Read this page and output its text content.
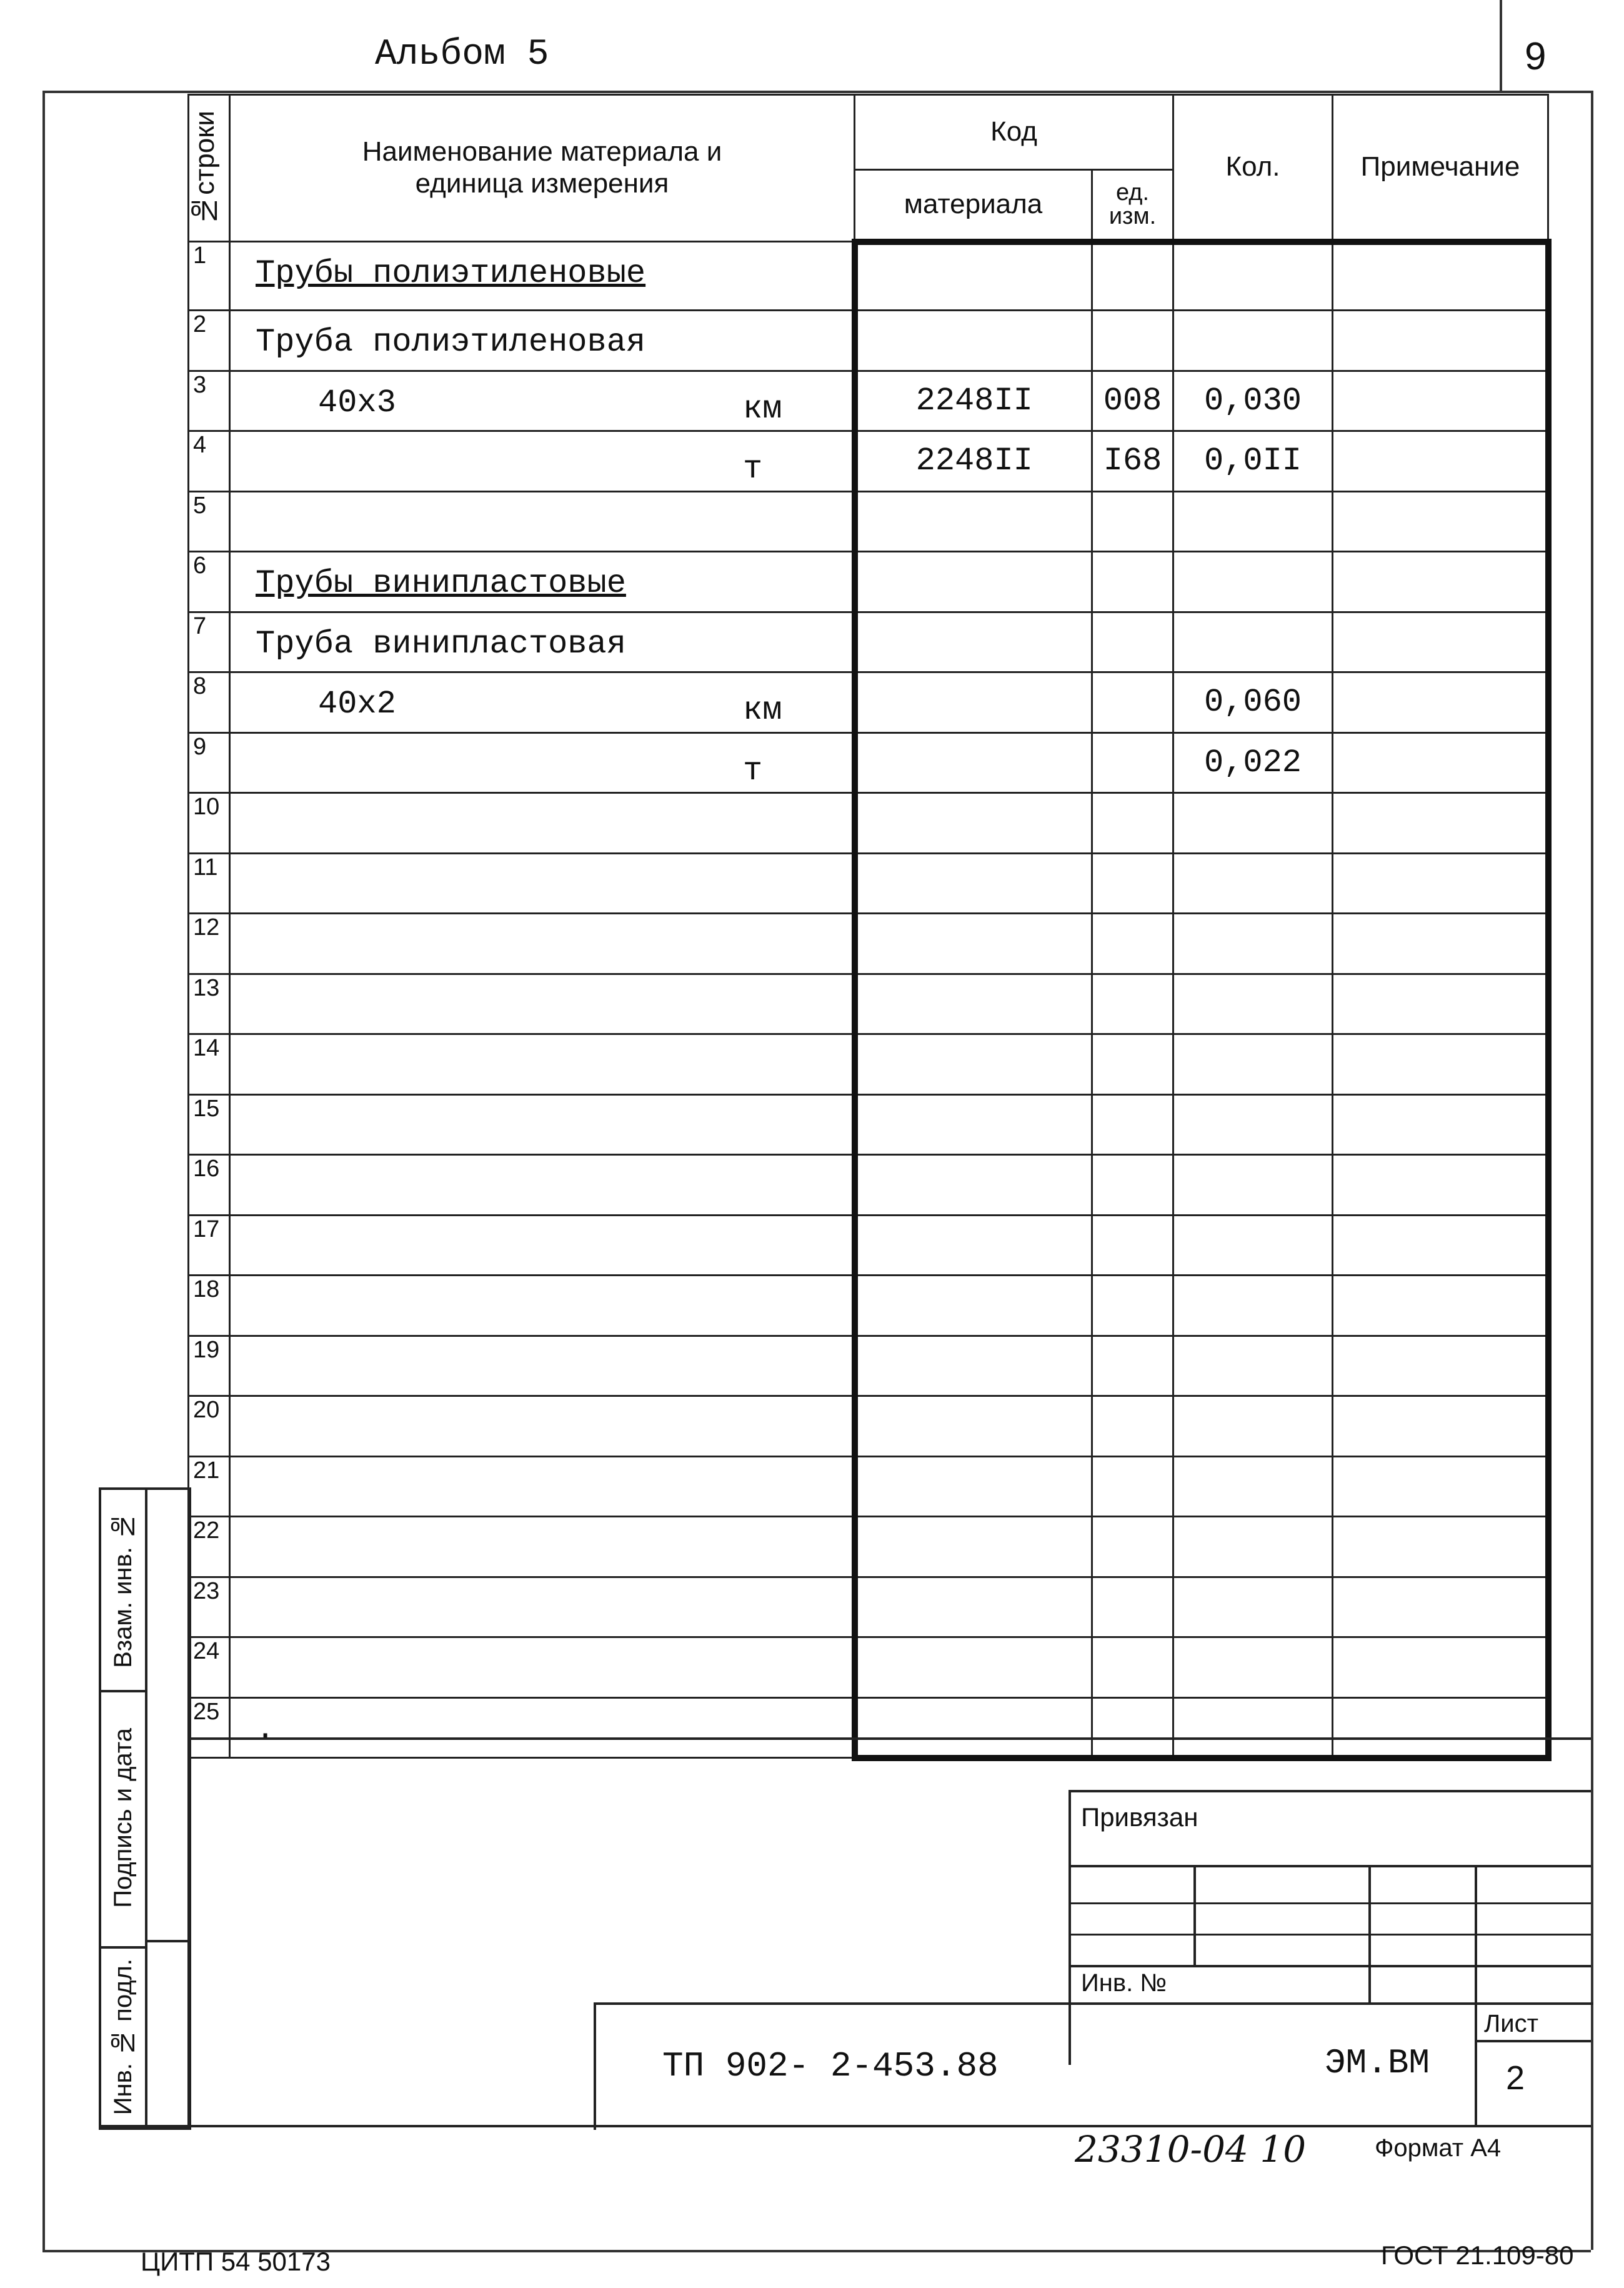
Альбом 5	9
№строки	Наименование материала и
единица измерения	Код		Кол.	Примечание
		материала	ед.
изм.		
1	Трубы полиэтиленовые				

2	Труба полиэтиленовая				

3	40х3 км	2248II	008	0,030	
4	т	2248II	I68	0,0II	
5	

6	Трубы винипластовые				

7	Труба винипластовая				

8	40х2 км			0,060	
9	т			0,022	
10	

11	

12	

13	

14	

15	

16	

17	

18	

19	

20	

21	

22	

23	

24	

25	.				

Взам. инв. №
Подпись и дата
Инв. № подл.
Привязан
Инв. №
ТП 902- 2-453.88	ЭМ.ВМ
Лист
2
23310-04 10	Формат А4
ЦИТП 54 50173	ГОСТ 21.109-80
